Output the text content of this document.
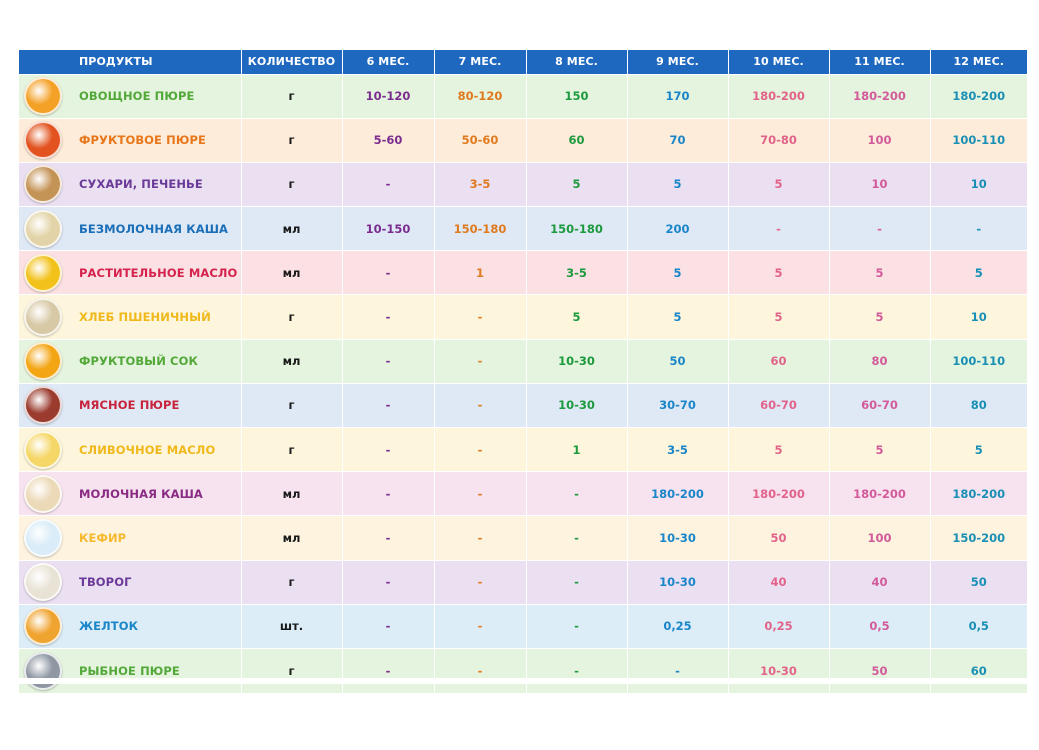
ПРОДУКТЫ	КОЛИЧЕСТВО	6 МЕС.	7 МЕС.	8 МЕС.	9 МЕС.	10 МЕС.	11 МЕС.	12 МЕС.

ОВОЩНОЕ ПЮРЕ	г	10-120	80-120	150	170	180-200	180-200	180-200

ФРУКТОВОЕ ПЮРЕ	г	5-60	50-60	60	70	70-80	100	100-110

СУХАРИ, ПЕЧЕНЬЕ	г	-	3-5	5	5	5	10	10

БЕЗМОЛОЧНАЯ КАША	мл	10-150	150-180	150-180	200	-	-	-

РАСТИТЕЛЬНОЕ МАСЛО	мл	-	1	3-5	5	5	5	5

ХЛЕБ ПШЕНИЧНЫЙ	г	-	-	5	5	5	5	10

ФРУКТОВЫЙ СОК	мл	-	-	10-30	50	60	80	100-110

МЯСНОЕ ПЮРЕ	г	-	-	10-30	30-70	60-70	60-70	80

СЛИВОЧНОЕ МАСЛО	г	-	-	1	3-5	5	5	5

МОЛОЧНАЯ КАША	мл	-	-	-	180-200	180-200	180-200	180-200

КЕФИР	мл	-	-	-	10-30	50	100	150-200

ТВОРОГ	г	-	-	-	10-30	40	40	50

ЖЕЛТОК	шт.	-	-	-	0,25	0,25	0,5	0,5

РЫБНОЕ ПЮРЕ	г	-	-	-	-	10-30	50	60
